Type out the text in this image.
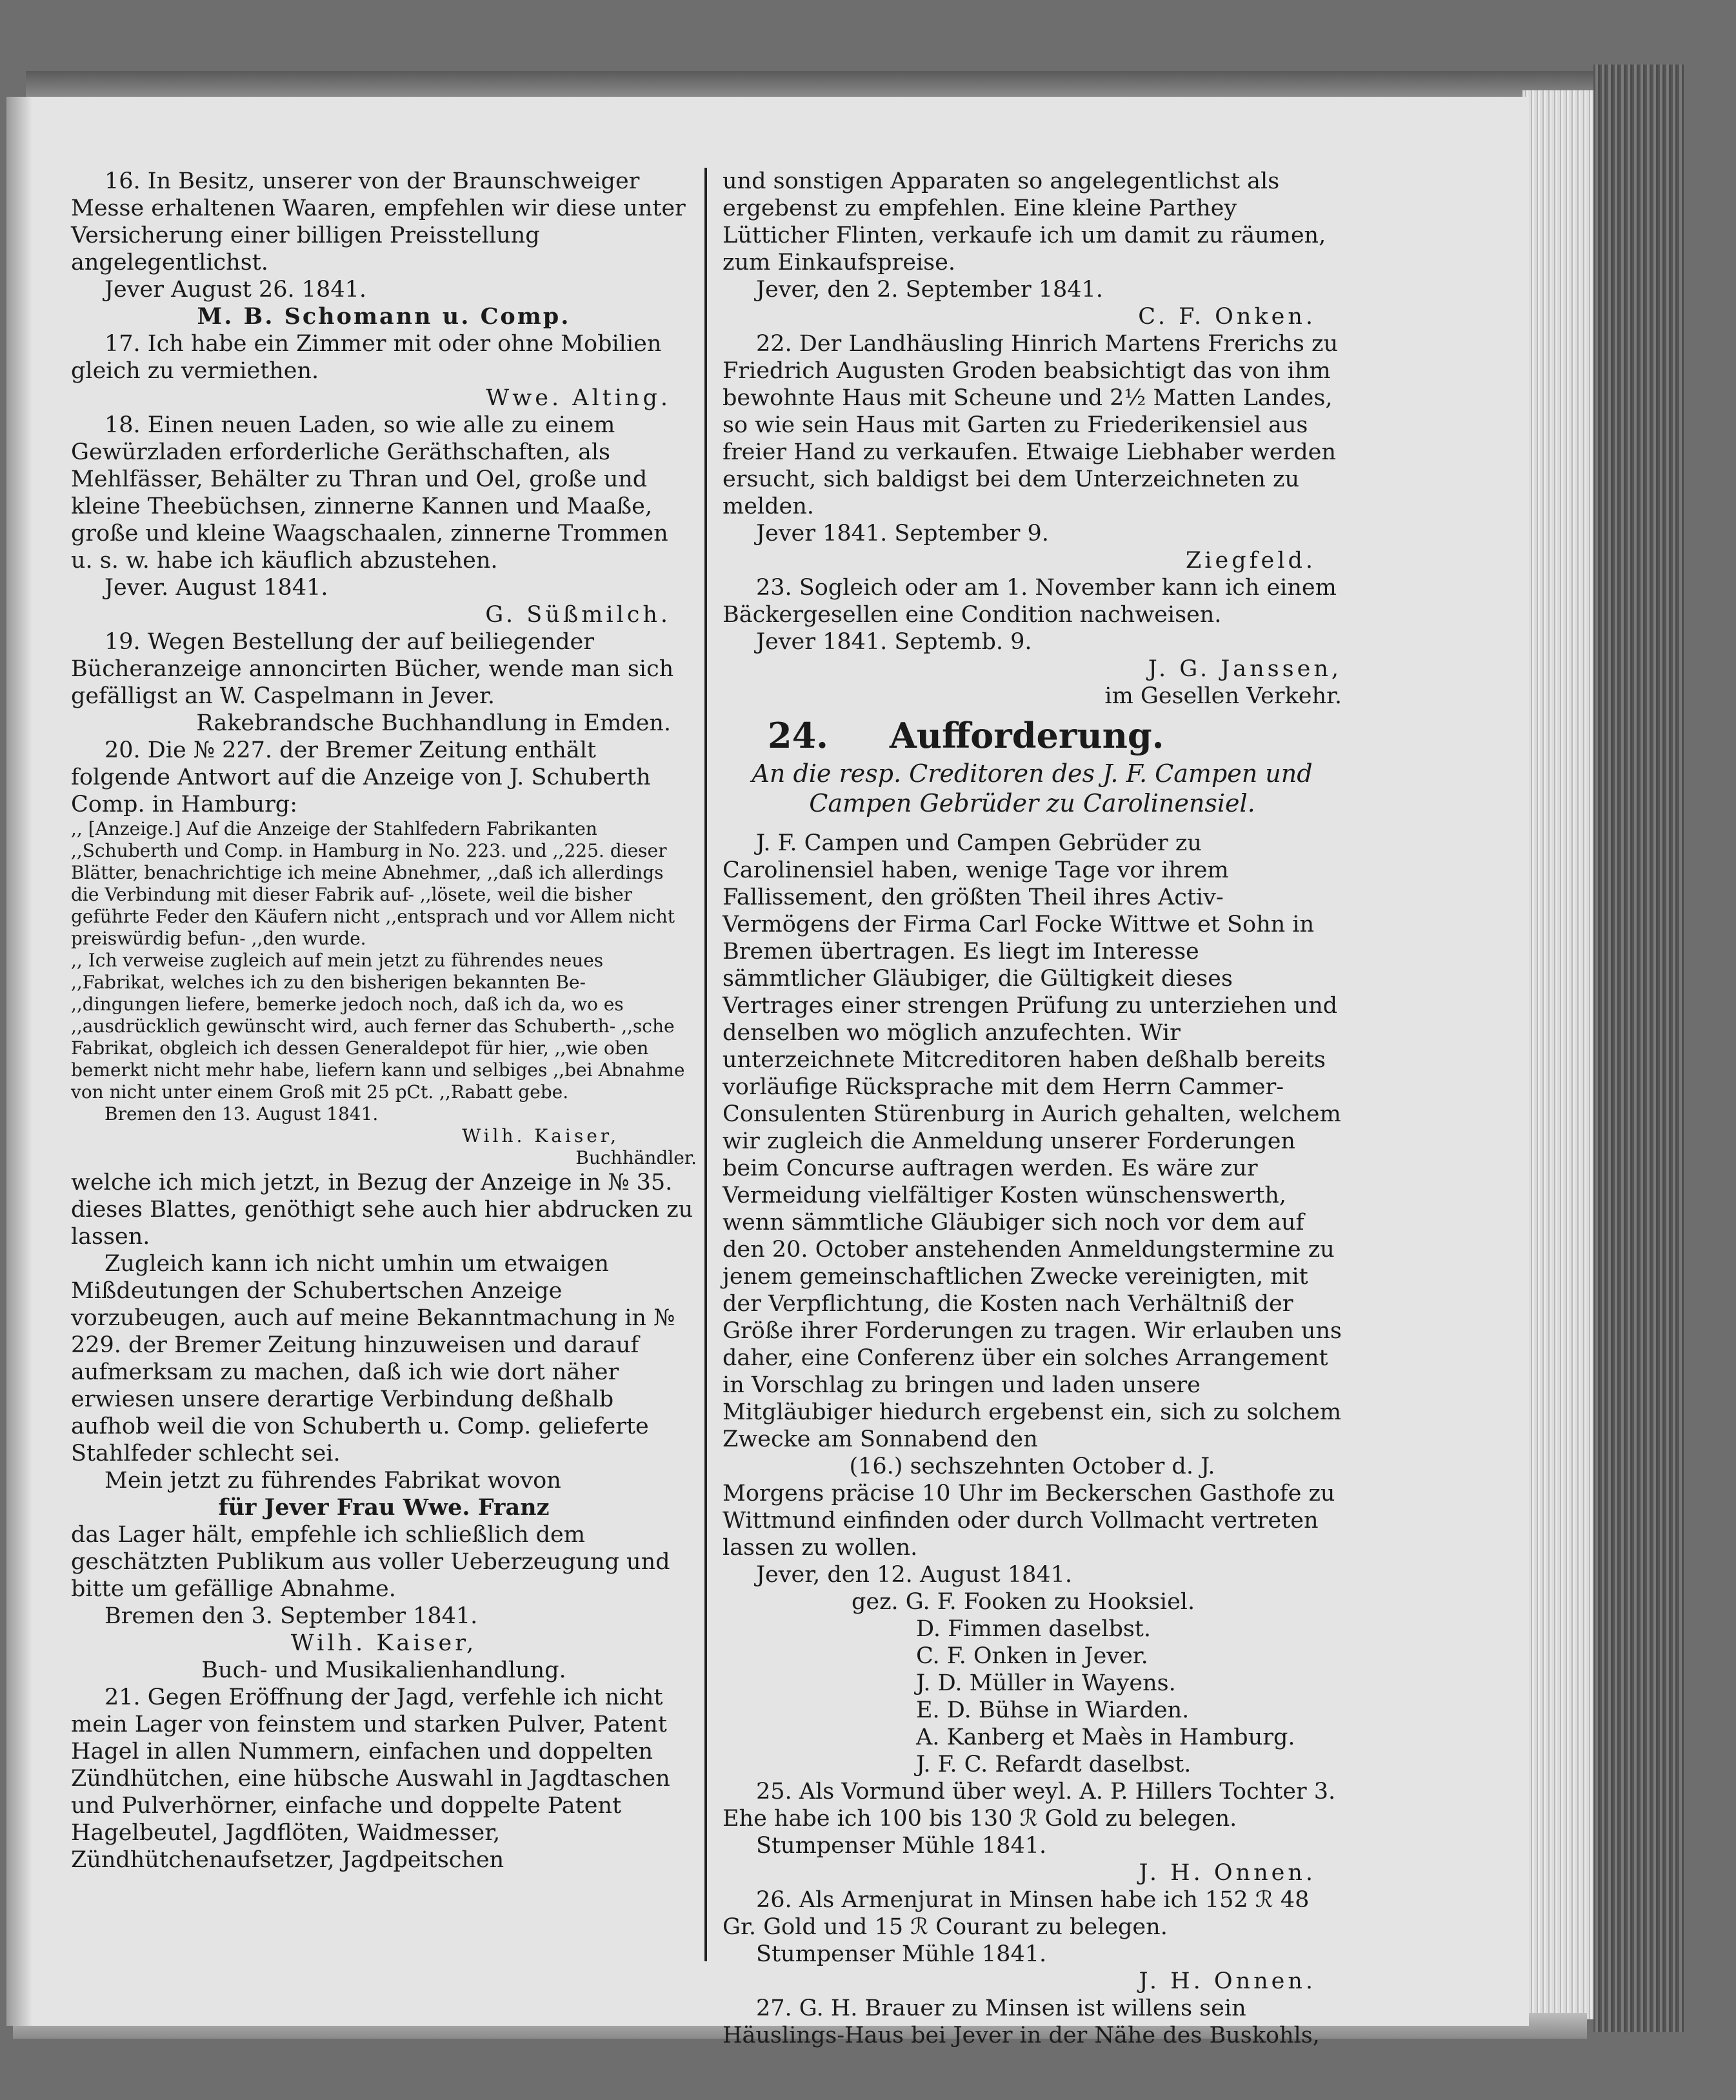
16. In Besitz, unserer von der Braunschweiger Messe erhaltenen Waaren, empfehlen wir diese unter Versicherung einer billigen Preisstellung angelegentlichst.

Jever August 26. 1841.

M. B. Schomann u. Comp.

17. Ich habe ein Zimmer mit oder ohne Mobilien gleich zu vermiethen.

Wwe. Alting.

18. Einen neuen Laden, so wie alle zu einem Gewürzladen erforderliche Geräthschaften, als Mehlfässer, Behälter zu Thran und Oel, große und kleine Theebüchsen, zinnerne Kannen und Maaße, große und kleine Waagschaalen, zinnerne Trommen u. s. w. habe ich käuflich abzustehen.

Jever. August 1841.

G. Süßmilch.

19. Wegen Bestellung der auf beiliegender Bücheranzeige annoncirten Bücher, wende man sich gefälligst an W. Caspelmann in Jever.

Rakebrandsche Buchhandlung in Emden.

20. Die № 227. der Bremer Zeitung enthält folgende Antwort auf die Anzeige von J. Schuberth Comp. in Hamburg:

,, [Anzeige.] Auf die Anzeige der Stahlfedern Fabrikanten ,,Schuberth und Comp. in Hamburg in No. 223. und ,,225. dieser Blätter, benachrichtige ich meine Abnehmer, ,,daß ich allerdings die Verbindung mit dieser Fabrik auf- ,,lösete, weil die bisher geführte Feder den Käufern nicht ,,entsprach und vor Allem nicht preiswürdig befun- ,,den wurde.

,, Ich verweise zugleich auf mein jetzt zu führendes neues ,,Fabrikat, welches ich zu den bisherigen bekannten Be- ,,dingungen liefere, bemerke jedoch noch, daß ich da, wo es ,,ausdrücklich gewünscht wird, auch ferner das Schuberth- ,,sche Fabrikat, obgleich ich dessen Generaldepot für hier, ,,wie oben bemerkt nicht mehr habe, liefern kann und selbiges ,,bei Abnahme von nicht unter einem Groß mit 25 pCt. ,,Rabatt gebe.

Bremen den 13. August 1841.

Wilh. Kaiser,

Buchhändler.

welche ich mich jetzt, in Bezug der Anzeige in № 35. dieses Blattes, genöthigt sehe auch hier abdrucken zu lassen.

Zugleich kann ich nicht umhin um etwaigen Mißdeutungen der Schubertschen Anzeige vorzubeugen, auch auf meine Bekanntmachung in № 229. der Bremer Zeitung hinzuweisen und darauf aufmerksam zu machen, daß ich wie dort näher erwiesen unsere derartige Verbindung deßhalb aufhob weil die von Schuberth u. Comp. gelieferte Stahlfeder schlecht sei.

Mein jetzt zu führendes Fabrikat wovon

für Jever Frau Wwe. Franz

das Lager hält, empfehle ich schließlich dem geschätzten Publikum aus voller Ueberzeugung und bitte um gefällige Abnahme.

Bremen den 3. September 1841.

Wilh. Kaiser,

Buch- und Musikalienhandlung.

21. Gegen Eröffnung der Jagd, verfehle ich nicht mein Lager von feinstem und starken Pulver, Patent Hagel in allen Nummern, einfachen und doppelten Zündhütchen, eine hübsche Auswahl in Jagdtaschen und Pulverhörner, einfache und doppelte Patent Hagelbeutel, Jagdflöten, Waidmesser, Zündhütchenaufsetzer, Jagdpeitschen

und sonstigen Apparaten so angelegentlichst als ergebenst zu empfehlen. Eine kleine Parthey Lütticher Flinten, verkaufe ich um damit zu räumen, zum Einkaufspreise.

Jever, den 2. September 1841.

C. F. Onken.

22. Der Landhäusling Hinrich Martens Frerichs zu Friedrich Augusten Groden beabsichtigt das von ihm bewohnte Haus mit Scheune und 2½ Matten Landes, so wie sein Haus mit Garten zu Friederikensiel aus freier Hand zu verkaufen. Etwaige Liebhaber werden ersucht, sich baldigst bei dem Unterzeichneten zu melden.

Jever 1841. September 9.

Ziegfeld.

23. Sogleich oder am 1. November kann ich einem Bäckergesellen eine Condition nachweisen.

Jever 1841. Septemb. 9.

J. G. Janssen,

im Gesellen Verkehr.

24. Aufforderung.

An die resp. Creditoren des J. F. Campen und Campen Gebrüder zu Carolinensiel.

J. F. Campen und Campen Gebrüder zu Carolinensiel haben, wenige Tage vor ihrem Fallissement, den größten Theil ihres Activ-Vermögens der Firma Carl Focke Wittwe et Sohn in Bremen übertragen. Es liegt im Interesse sämmtlicher Gläubiger, die Gültigkeit dieses Vertrages einer strengen Prüfung zu unterziehen und denselben wo möglich anzufechten. Wir unterzeichnete Mitcreditoren haben deßhalb bereits vorläufige Rücksprache mit dem Herrn Cammer-Consulenten Stürenburg in Aurich gehalten, welchem wir zugleich die Anmeldung unserer Forderungen beim Concurse auftragen werden. Es wäre zur Vermeidung vielfältiger Kosten wünschenswerth, wenn sämmtliche Gläubiger sich noch vor dem auf den 20. October anstehenden Anmeldungstermine zu jenem gemeinschaftlichen Zwecke vereinigten, mit der Verpflichtung, die Kosten nach Verhältniß der Größe ihrer Forderungen zu tragen. Wir erlauben uns daher, eine Conferenz über ein solches Arrangement in Vorschlag zu bringen und laden unsere Mitgläubiger hiedurch ergebenst ein, sich zu solchem Zwecke am Sonnabend den

(16.) sechszehnten October d. J.

Morgens präcise 10 Uhr im Beckerschen Gasthofe zu Wittmund einfinden oder durch Vollmacht vertreten lassen zu wollen.

Jever, den 12. August 1841.

gez. G. F. Fooken zu Hooksiel.

D. Fimmen daselbst.

C. F. Onken in Jever.

J. D. Müller in Wayens.

E. D. Bühse in Wiarden.

A. Kanberg et Maès in Hamburg.

J. F. C. Refardt daselbst.

25. Als Vormund über weyl. A. P. Hillers Tochter 3. Ehe habe ich 100 bis 130 ℛ Gold zu belegen.

Stumpenser Mühle 1841.

J. H. Onnen.

26. Als Armenjurat in Minsen habe ich 152 ℛ 48 Gr. Gold und 15 ℛ Courant zu belegen.

Stumpenser Mühle 1841.

J. H. Onnen.

27. G. H. Brauer zu Minsen ist willens sein Häuslings-Haus bei Jever in der Nähe des Buskohls,
